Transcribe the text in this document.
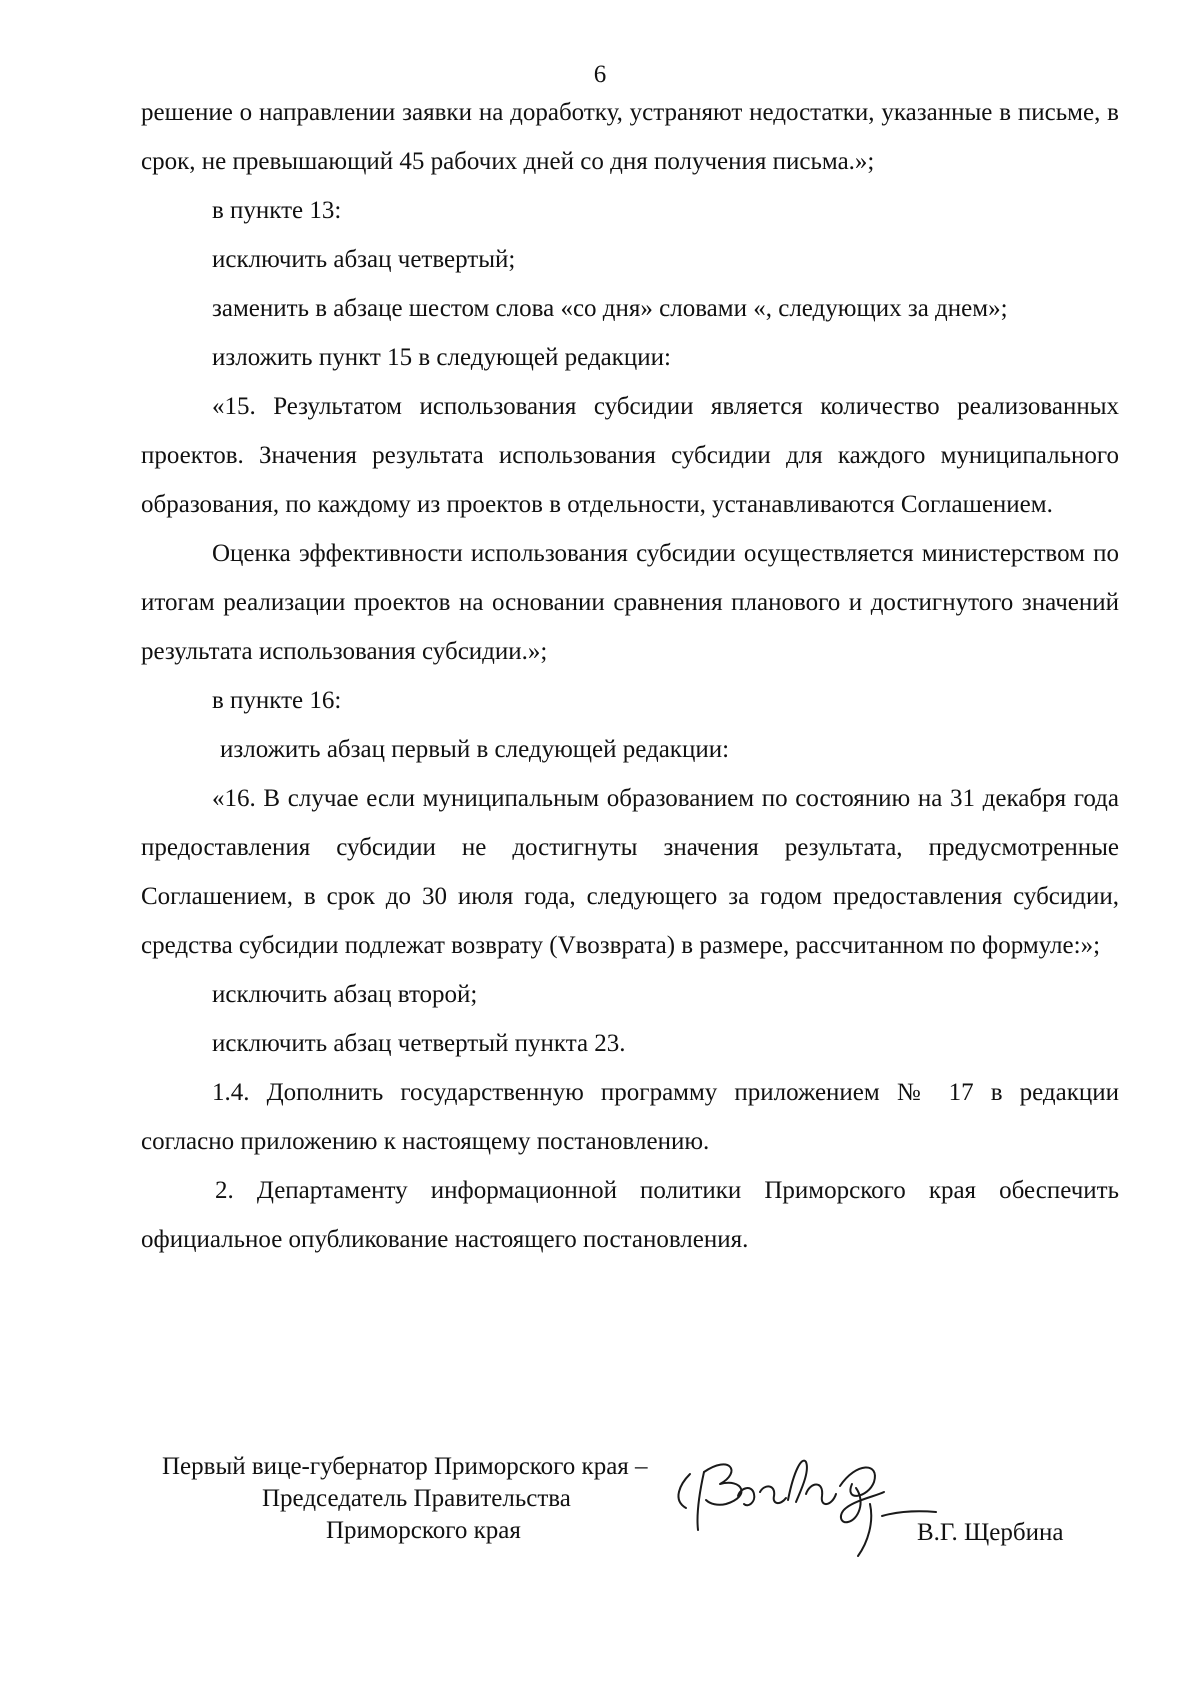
6

решение о направлении заявки на доработку, устраняют недостатки, указанные в письме, в срок, не превышающий 45 рабочих дней со дня получения письма.»;

в пункте 13:

исключить абзац четвертый;

заменить в абзаце шестом слова «со дня» словами «, следующих за днем»;

изложить пункт 15 в следующей редакции:

«15. Результатом использования субсидии является количество реализованных проектов. Значения результата использования субсидии для каждого муниципального образования, по каждому из проектов в отдельности, устанавливаются Соглашением.

Оценка эффективности использования субсидии осуществляется министерством по итогам реализации проектов на основании сравнения планового и достигнутого значений результата использования субсидии.»;

в пункте 16:

изложить абзац первый в следующей редакции:

«16. В случае если муниципальным образованием по состоянию на 31 декабря года предоставления субсидии не достигнуты значения результата, предусмотренные Соглашением, в срок до 30 июля года, следующего за годом предоставления субсидии, средства субсидии подлежат возврату (Vвозврата) в размере, рассчитанном по формуле:»;

исключить абзац второй;

исключить абзац четвертый пункта 23.

1.4. Дополнить государственную программу приложением № 17 в редакции согласно приложению к настоящему постановлению.

2. Департаменту информационной политики Приморского края обеспечить официальное опубликование настоящего постановления.

Первый вице-губернатор Приморского края –
Председатель Правительства
Приморского края	В.Г. Щербина
